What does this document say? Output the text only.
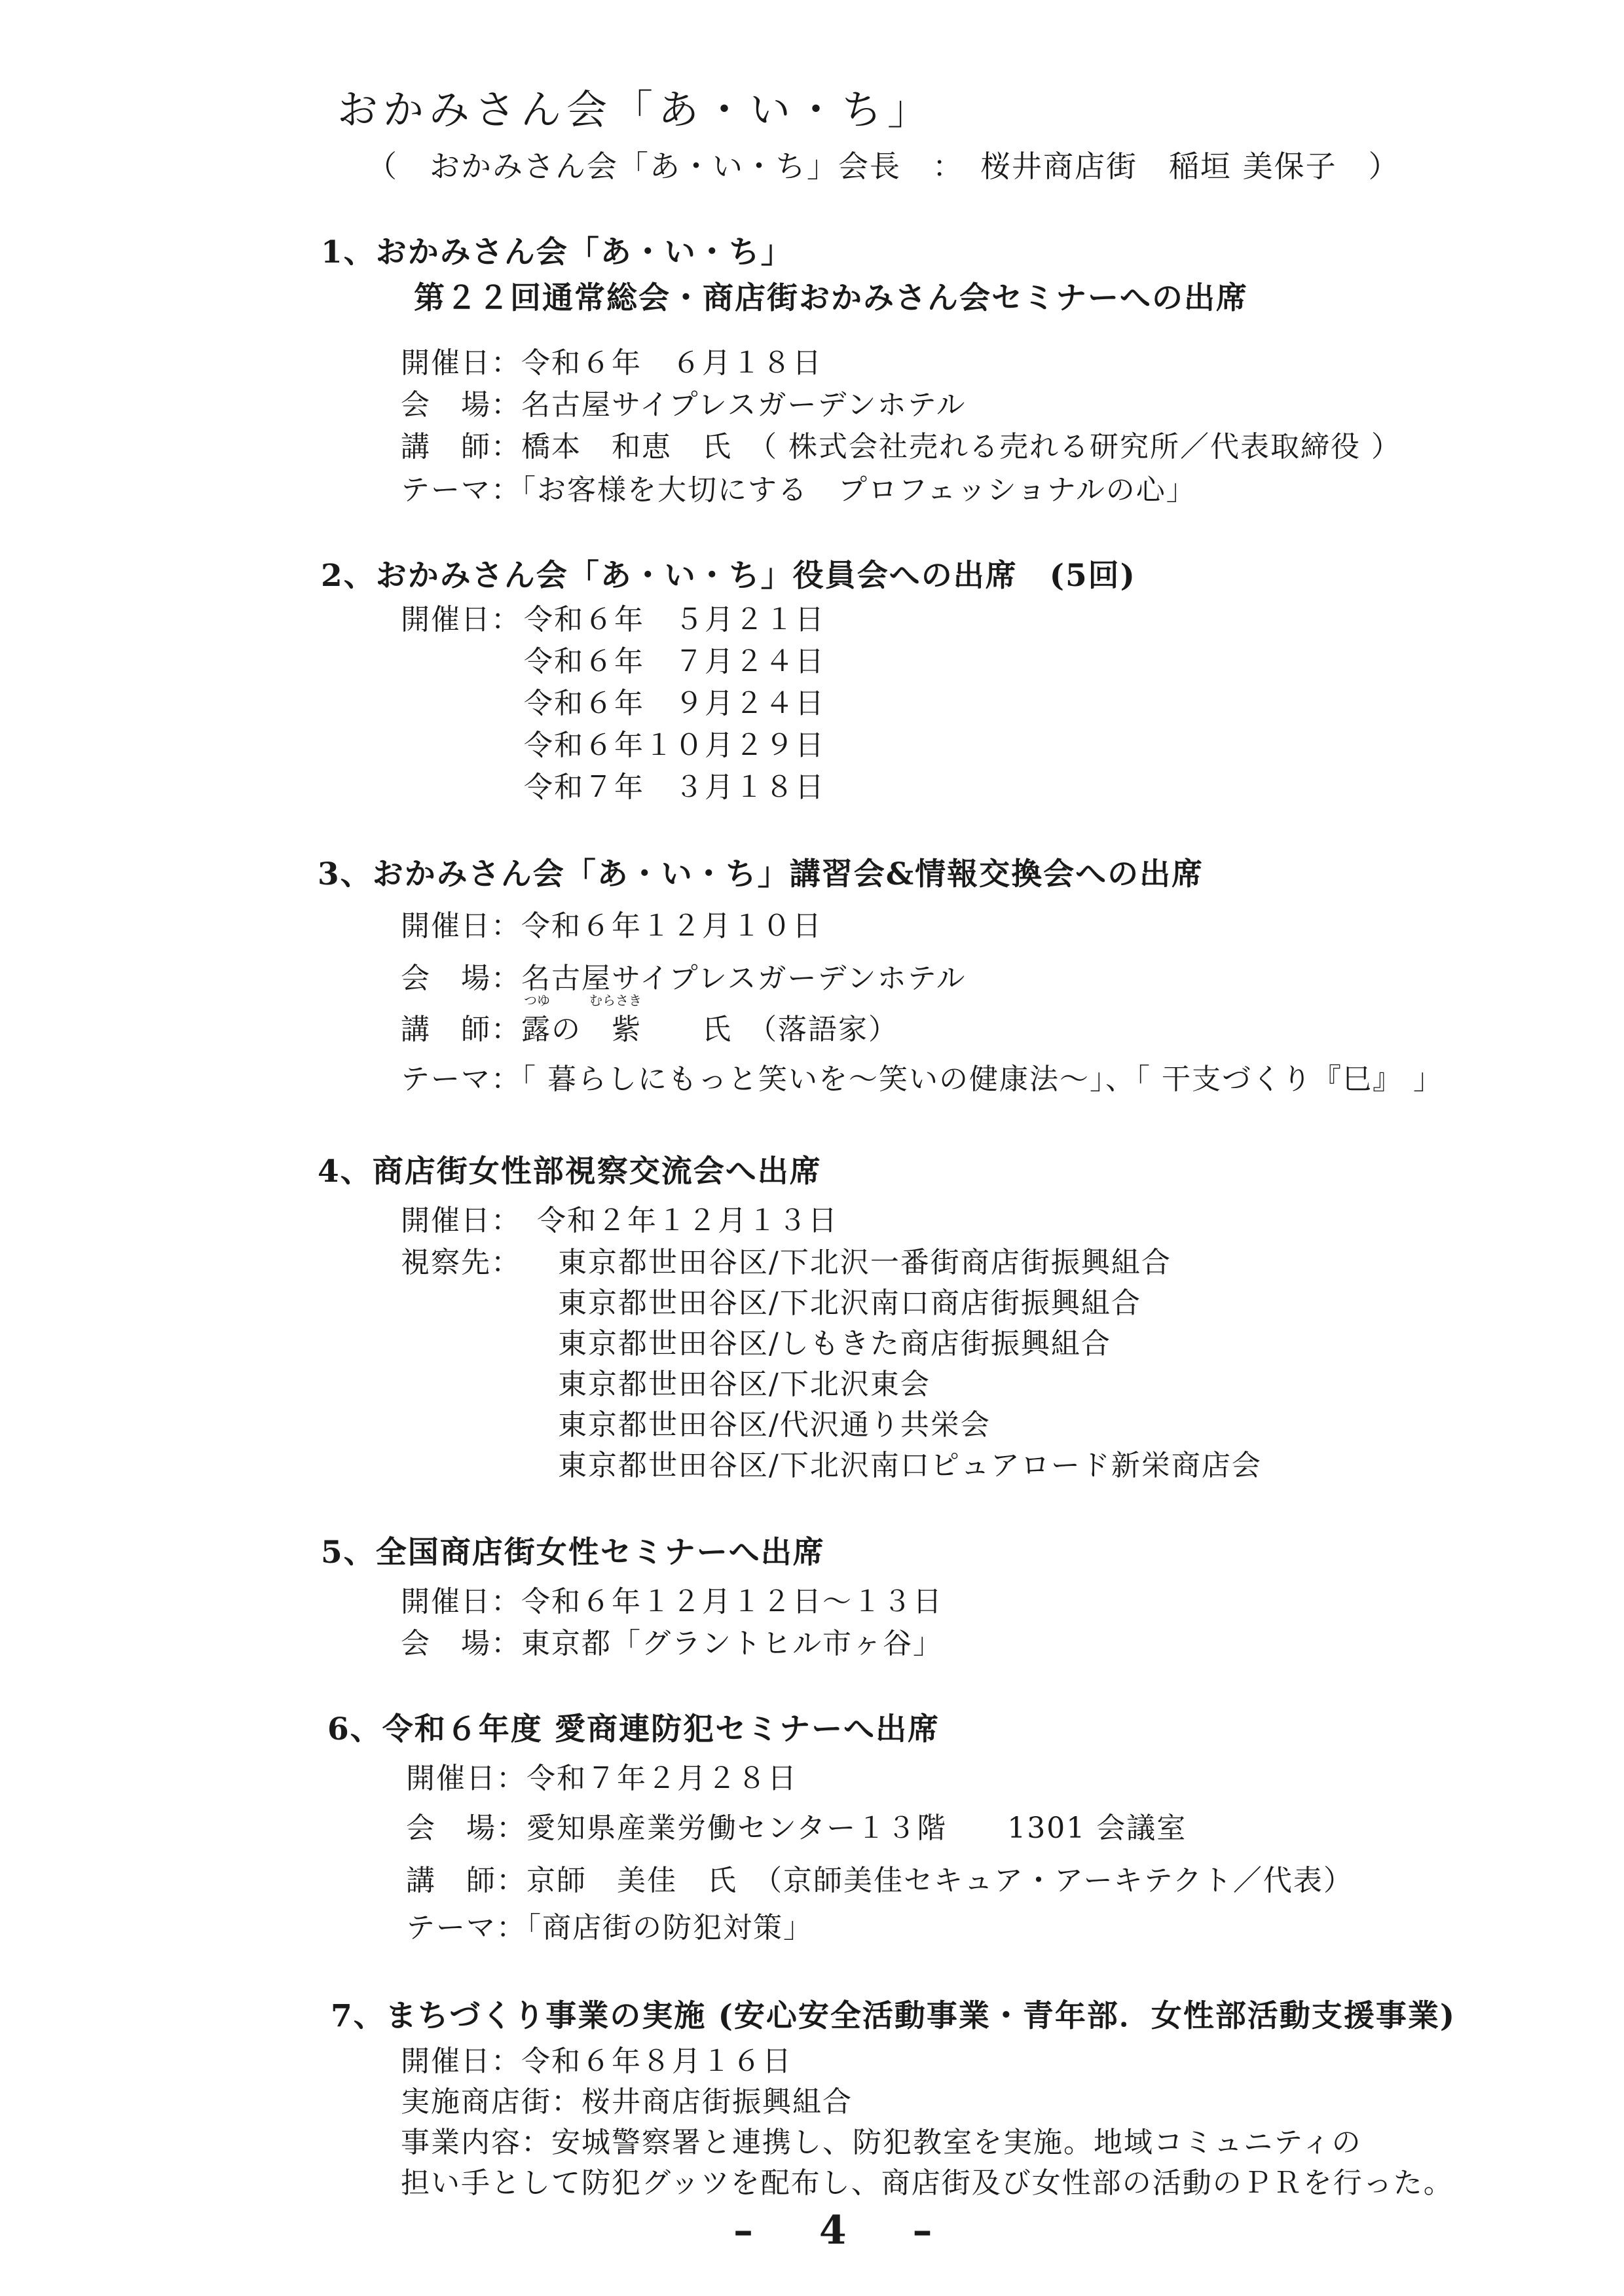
おかみさん会「あ・い・ち」
（　おかみさん会「あ・い・ち」会長　：　桜井商店街　稲垣 美保子　）
1、おかみさん会「あ・い・ち」
第２２回通常総会・商店街おかみさん会セミナーへの出席
開催日：令和６年　６月１８日
会　場：名古屋サイプレスガーデンホテル
講　師：橋本　和恵　氏　（ 株式会社売れる売れる研究所／代表取締役 ）
テーマ：「お客様を大切にする　プロフェッショナルの心」
2、おかみさん会「あ・い・ち」役員会への出席　(5回)
開催日： 令和６年　５月２１日
令和６年　７月２４日
令和６年　９月２４日
令和６年１０月２９日
令和７年　３月１８日
3、おかみさん会「あ・い・ち」講習会&情報交換会への出席
開催日：令和６年１２月１０日
会　場：名古屋サイプレスガーデンホテル
つゆ	むらさき
講　師：露の　紫　　氏　（落語家）
テーマ：「 暮らしにもっと笑いを〜笑いの健康法〜」、「 干支づくり『巳』 」
4、商店街女性部視察交流会へ出席
開催日：　令和２年１２月１３日
視察先： 東京都世田谷区/下北沢一番街商店街振興組合
東京都世田谷区/下北沢南口商店街振興組合
東京都世田谷区/しもきた商店街振興組合
東京都世田谷区/下北沢東会
東京都世田谷区/代沢通り共栄会
東京都世田谷区/下北沢南口ピュアロード新栄商店会
5、全国商店街女性セミナーへ出席
開催日：令和６年１２月１２日〜１３日
会　場：東京都「グラントヒル市ヶ谷」
6、令和６年度 愛商連防犯セミナーへ出席
開催日：令和７年２月２８日
会　場：愛知県産業労働センター１３階　　1301 会議室
講　師：京師　美佳　氏　（京師美佳セキュア・アーキテクト／代表）
テーマ：「商店街の防犯対策」
7、まちづくり事業の実施 (安心安全活動事業・青年部．女性部活動支援事業)
開催日：令和６年８月１６日
実施商店街：桜井商店街振興組合
事業内容：安城警察署と連携し、防犯教室を実施。地域コミュニティの
担い手として防犯グッツを配布し、商店街及び女性部の活動のＰＲを行った。
– 4 –
